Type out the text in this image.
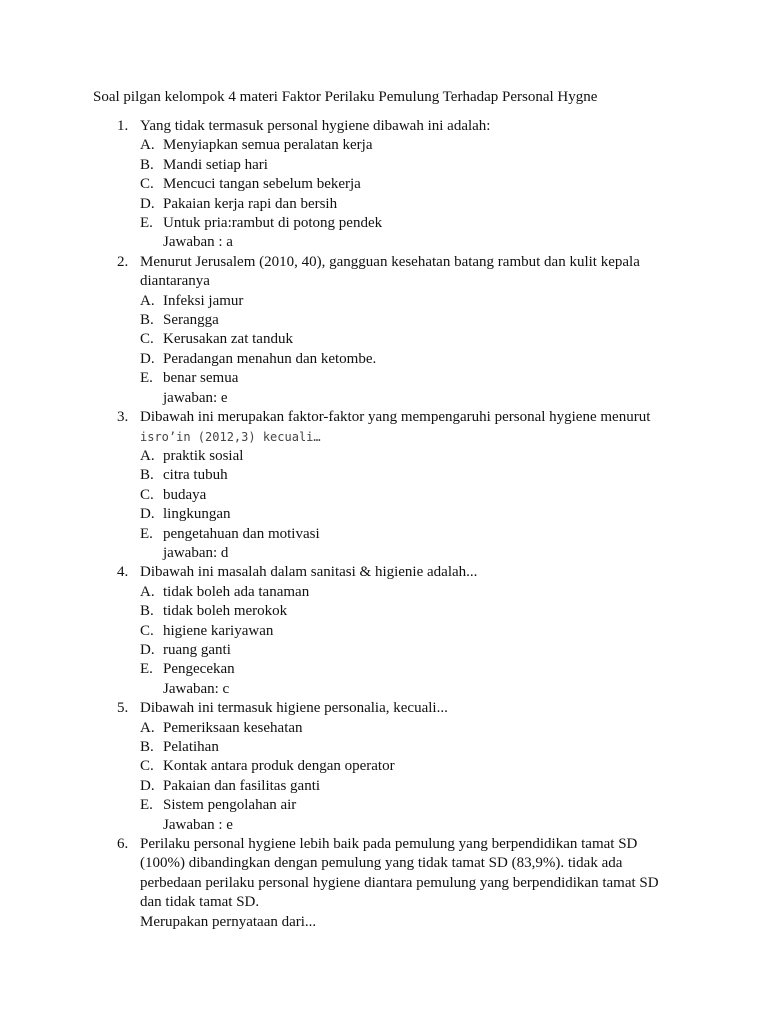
Soal pilgan kelompok 4 materi Faktor Perilaku Pemulung Terhadap Personal Hygne
1. Yang tidak termasuk personal hygiene dibawah ini adalah:
A. Menyiapkan semua peralatan kerja
B. Mandi setiap hari
C. Mencuci tangan sebelum bekerja
D. Pakaian kerja rapi dan bersih
E. Untuk pria:rambut di potong pendek
Jawaban : a
2. Menurut Jerusalem (2010, 40), gangguan kesehatan batang rambut dan kulit kepala diantaranya
A. Infeksi jamur
B. Serangga
C. Kerusakan zat tanduk
D. Peradangan menahun dan ketombe.
E. benar semua
jawaban: e
3. Dibawah ini merupakan faktor-faktor yang mempengaruhi personal hygiene menurut
isro’in (2012,3) kecuali…
A. praktik sosial
B. citra tubuh
C. budaya
D. lingkungan
E. pengetahuan dan motivasi
jawaban: d
4. Dibawah ini masalah dalam sanitasi & higienie adalah...
A. tidak boleh ada tanaman
B. tidak boleh merokok
C. higiene kariyawan
D. ruang ganti
E. Pengecekan
Jawaban: c
5. Dibawah ini termasuk higiene personalia, kecuali...
A. Pemeriksaan kesehatan
B. Pelatihan
C. Kontak antara produk dengan operator
D. Pakaian dan fasilitas ganti
E. Sistem pengolahan air
Jawaban : e
6. Perilaku personal hygiene lebih baik pada pemulung yang berpendidikan tamat SD (100%) dibandingkan dengan pemulung yang tidak tamat SD (83,9%). tidak ada perbedaan perilaku personal hygiene diantara pemulung yang berpendidikan tamat SD dan tidak tamat SD.
Merupakan pernyataan dari...
